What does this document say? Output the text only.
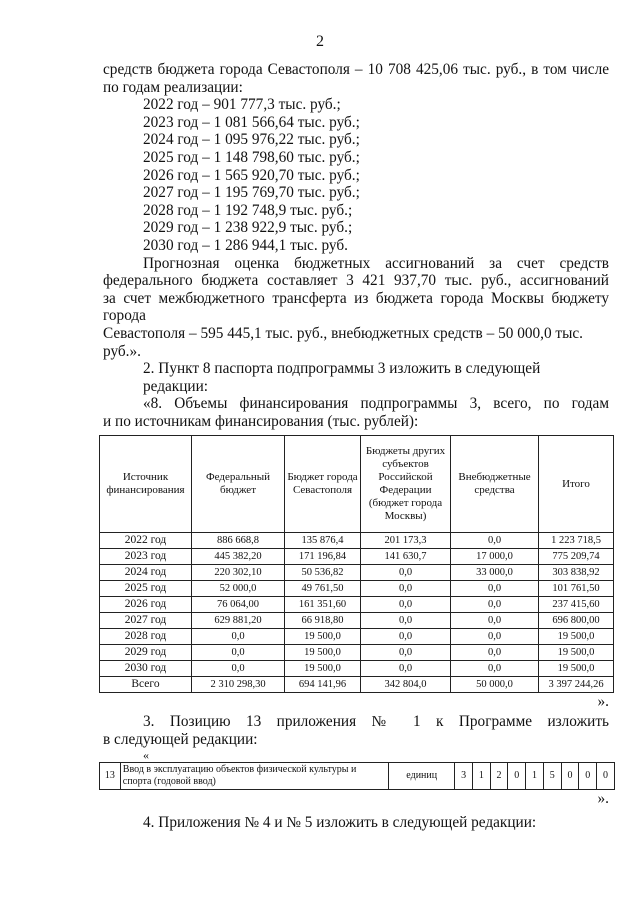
2
средств бюджета города Севастополя – 10 708 425,06 тыс. руб., в том числе
по годам реализации:
2022 год – 901 777,3 тыс. руб.;
2023 год – 1 081 566,64 тыс. руб.;
2024 год – 1 095 976,22 тыс. руб.;
2025 год – 1 148 798,60 тыс. руб.;
2026 год – 1 565 920,70 тыс. руб.;
2027 год – 1 195 769,70 тыс. руб.;
2028 год – 1 192 748,9 тыс. руб.;
2029 год – 1 238 922,9 тыс. руб.;
2030 год – 1 286 944,1 тыс. руб.
Прогнозная оценка бюджетных ассигнований за счет средств
федерального бюджета составляет 3 421 937,70 тыс. руб., ассигнований
за счет межбюджетного трансферта из бюджета города Москвы бюджету города
Севастополя – 595 445,1 тыс. руб., внебюджетных средств – 50 000,0 тыс. руб.».
2. Пункт 8 паспорта подпрограммы 3 изложить в следующей редакции:
«8. Объемы финансирования подпрограммы 3, всего, по годам
и по источникам финансирования (тыс. рублей):
Источник финансирования	Федеральный бюджет	Бюджет города Севастополя	Бюджеты других субъектов Российской Федерации (бюджет города Москвы)	Внебюджетные средства	Итого
2022 год	886 668,8	135 876,4	201 173,3	0,0	1 223 718,5
2023 год	445 382,20	171 196,84	141 630,7	17 000,0	775 209,74
2024 год	220 302,10	50 536,82	0,0	33 000,0	303 838,92
2025 год	52 000,0	49 761,50	0,0	0,0	101 761,50
2026 год	76 064,00	161 351,60	0,0	0,0	237 415,60
2027 год	629 881,20	66 918,80	0,0	0,0	696 800,00
2028 год	0,0	19 500,0	0,0	0,0	19 500,0
2029 год	0,0	19 500,0	0,0	0,0	19 500,0
2030 год	0,0	19 500,0	0,0	0,0	19 500,0
Всего	2 310 298,30	694 141,96	342 804,0	50 000,0	3 397 244,26
».
3. Позицию 13 приложения № 1 к Программе изложить
в следующей редакции:
«
13	Ввод в эксплуатацию объектов физической культуры и спорта (годовой ввод)	единиц	3	1	2	0	1	5	0	0	0
».
4. Приложения № 4 и № 5 изложить в следующей редакции:
